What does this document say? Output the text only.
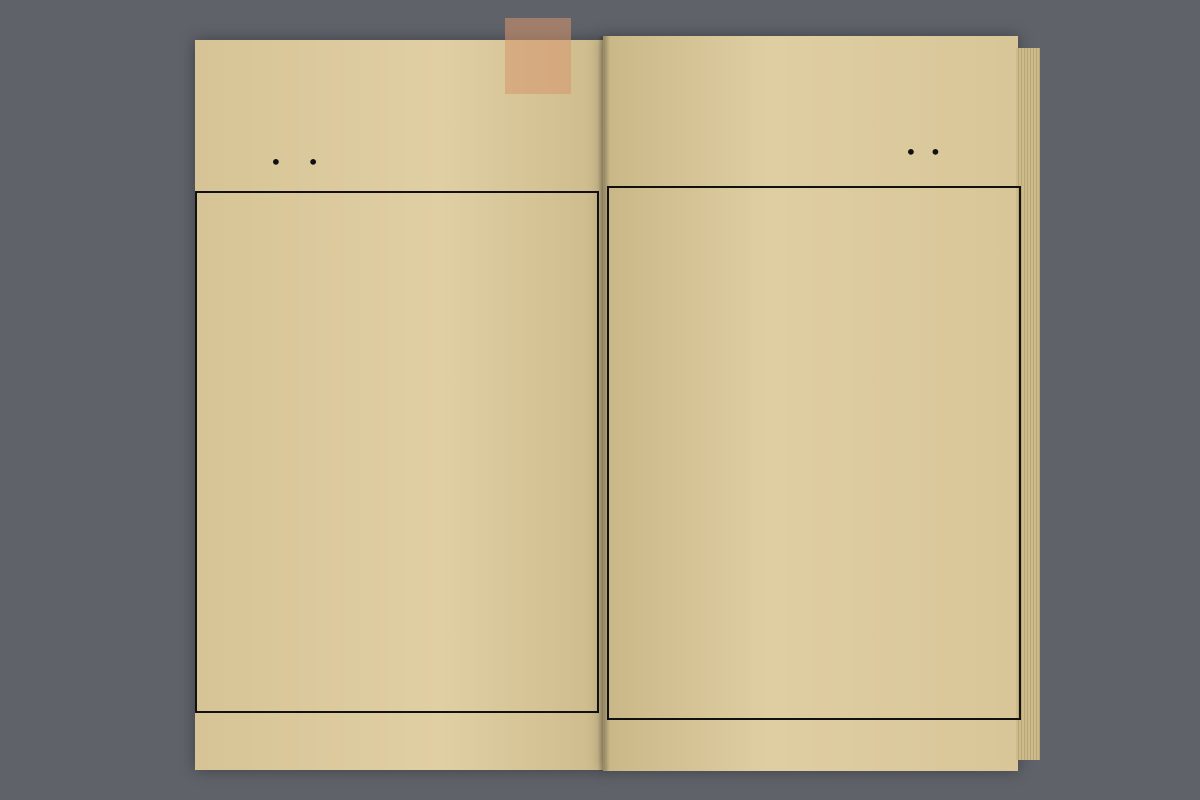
•    •	•  •
